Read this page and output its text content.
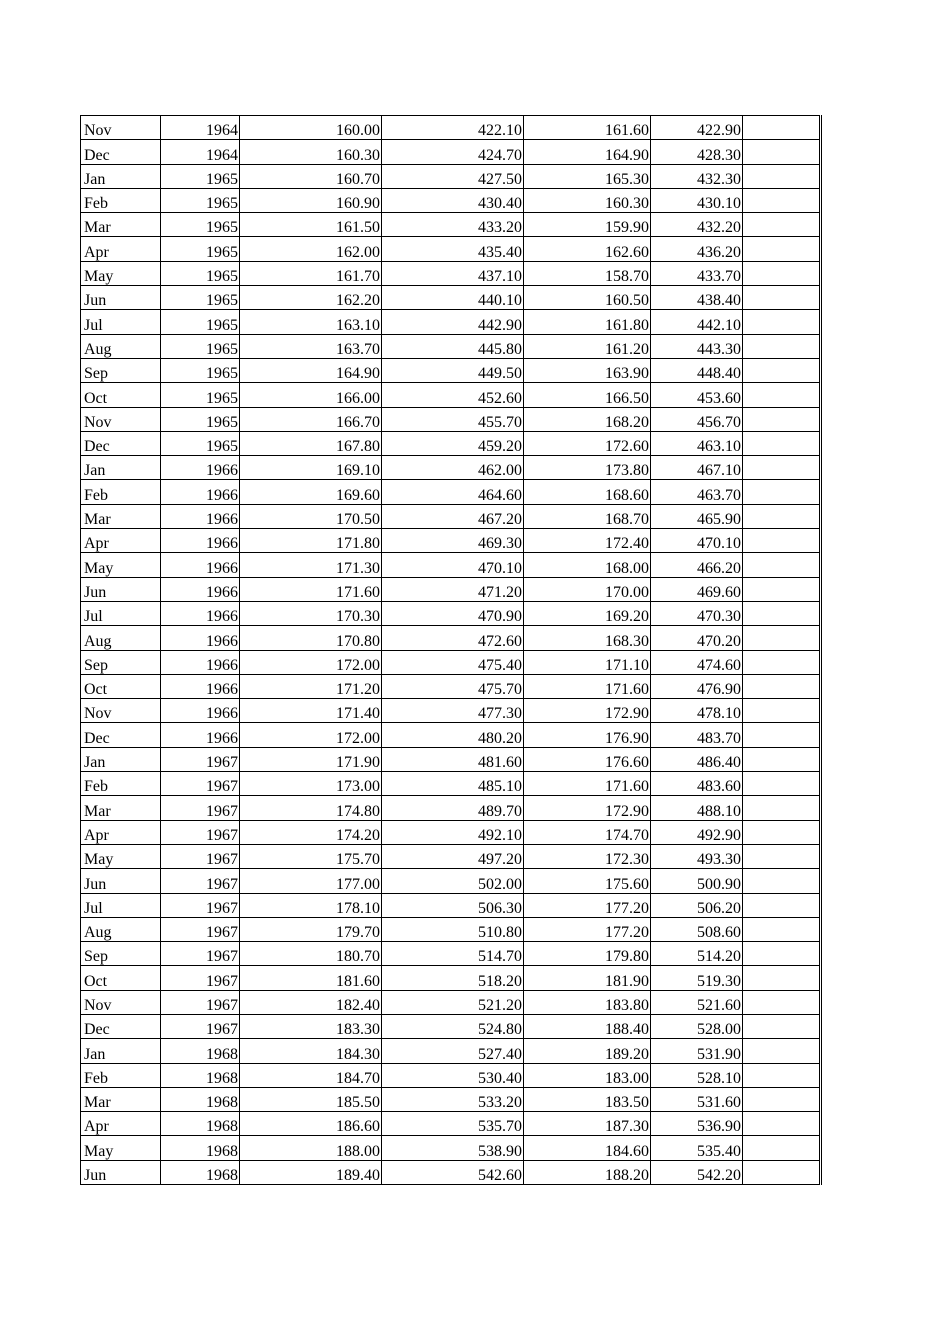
Nov	1964	160.00	422.10	161.60	422.90	
Dec	1964	160.30	424.70	164.90	428.30	
Jan	1965	160.70	427.50	165.30	432.30	
Feb	1965	160.90	430.40	160.30	430.10	
Mar	1965	161.50	433.20	159.90	432.20	
Apr	1965	162.00	435.40	162.60	436.20	
May	1965	161.70	437.10	158.70	433.70	
Jun	1965	162.20	440.10	160.50	438.40	
Jul	1965	163.10	442.90	161.80	442.10	
Aug	1965	163.70	445.80	161.20	443.30	
Sep	1965	164.90	449.50	163.90	448.40	
Oct	1965	166.00	452.60	166.50	453.60	
Nov	1965	166.70	455.70	168.20	456.70	
Dec	1965	167.80	459.20	172.60	463.10	
Jan	1966	169.10	462.00	173.80	467.10	
Feb	1966	169.60	464.60	168.60	463.70	
Mar	1966	170.50	467.20	168.70	465.90	
Apr	1966	171.80	469.30	172.40	470.10	
May	1966	171.30	470.10	168.00	466.20	
Jun	1966	171.60	471.20	170.00	469.60	
Jul	1966	170.30	470.90	169.20	470.30	
Aug	1966	170.80	472.60	168.30	470.20	
Sep	1966	172.00	475.40	171.10	474.60	
Oct	1966	171.20	475.70	171.60	476.90	
Nov	1966	171.40	477.30	172.90	478.10	
Dec	1966	172.00	480.20	176.90	483.70	
Jan	1967	171.90	481.60	176.60	486.40	
Feb	1967	173.00	485.10	171.60	483.60	
Mar	1967	174.80	489.70	172.90	488.10	
Apr	1967	174.20	492.10	174.70	492.90	
May	1967	175.70	497.20	172.30	493.30	
Jun	1967	177.00	502.00	175.60	500.90	
Jul	1967	178.10	506.30	177.20	506.20	
Aug	1967	179.70	510.80	177.20	508.60	
Sep	1967	180.70	514.70	179.80	514.20	
Oct	1967	181.60	518.20	181.90	519.30	
Nov	1967	182.40	521.20	183.80	521.60	
Dec	1967	183.30	524.80	188.40	528.00	
Jan	1968	184.30	527.40	189.20	531.90	
Feb	1968	184.70	530.40	183.00	528.10	
Mar	1968	185.50	533.20	183.50	531.60	
Apr	1968	186.60	535.70	187.30	536.90	
May	1968	188.00	538.90	184.60	535.40	
Jun	1968	189.40	542.60	188.20	542.20	
